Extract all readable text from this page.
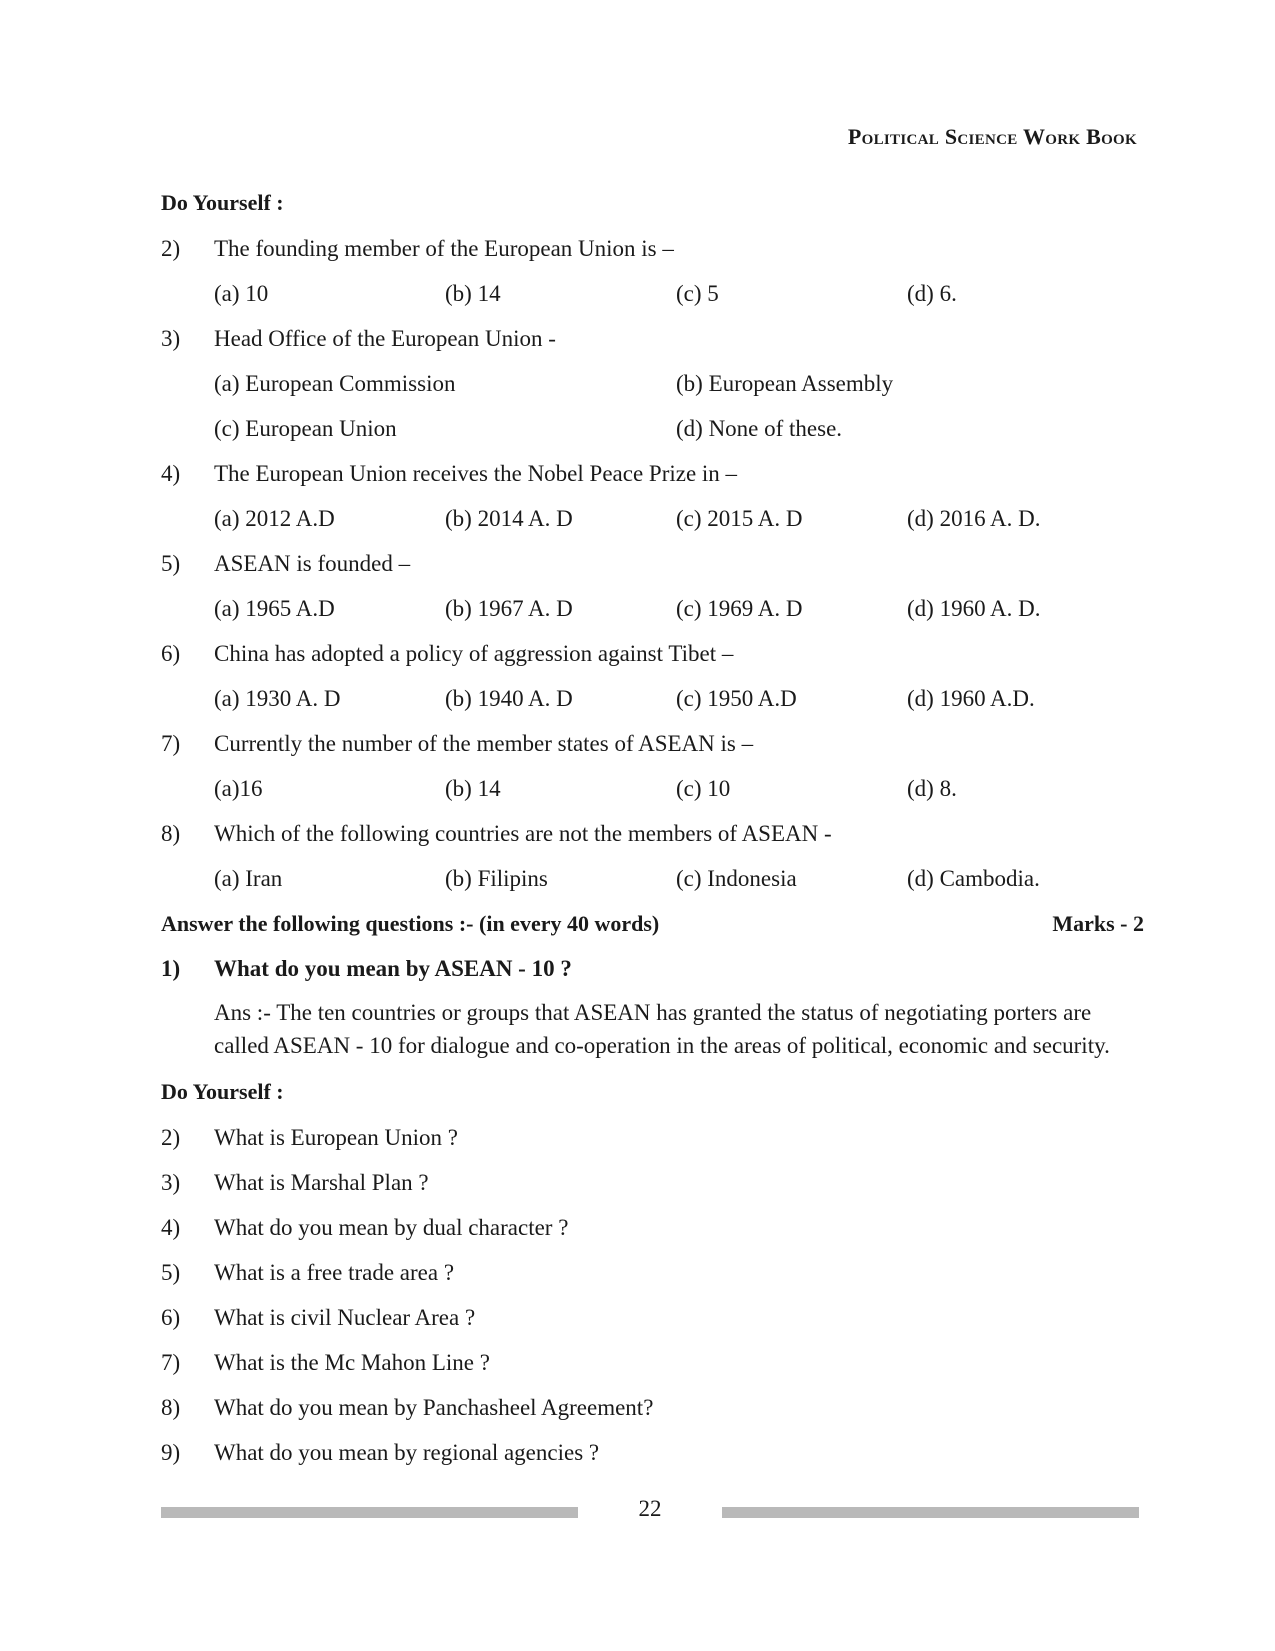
Political Science Work Book
Do Yourself :
2)	The founding member of the European Union is –
(a) 10	(b) 14	(c) 5	(d) 6.
3)	Head Office of the European Union -
(a) European Commission	(b) European Assembly
(c) European Union	(d) None of these.
4)	The European Union receives the Nobel Peace Prize in –
(a) 2012 A.D	(b) 2014 A. D	(c) 2015 A. D	(d) 2016 A. D.
5)	ASEAN is founded –
(a) 1965 A.D	(b) 1967 A. D	(c) 1969 A. D	(d) 1960 A. D.
6)	China has adopted a policy of aggression against Tibet –
(a) 1930 A. D	(b) 1940 A. D	(c) 1950 A.D	(d) 1960 A.D.
7)	Currently the number of the member states of ASEAN is –
(a)16	(b) 14	(c) 10	(d) 8.
8)	Which of the following countries are not the members of ASEAN -
(a) Iran	(b) Filipins	(c) Indonesia	(d) Cambodia.
Answer the following questions :- (in every 40 words)	Marks - 2
1)	What do you mean by ASEAN - 10 ?
Ans :- The ten countries or groups that ASEAN has granted the status of negotiating porters are called ASEAN - 10 for dialogue and co-operation in the areas of political, economic and security.
Do Yourself :
2)	What is European Union ?
3)	What is Marshal Plan ?
4)	What do you mean by dual character ?
5)	What is a free trade area ?
6)	What is civil Nuclear Area ?
7)	What is the Mc Mahon Line ?
8)	What do you mean by Panchasheel Agreement?
9)	What do you mean by regional agencies ?
22
